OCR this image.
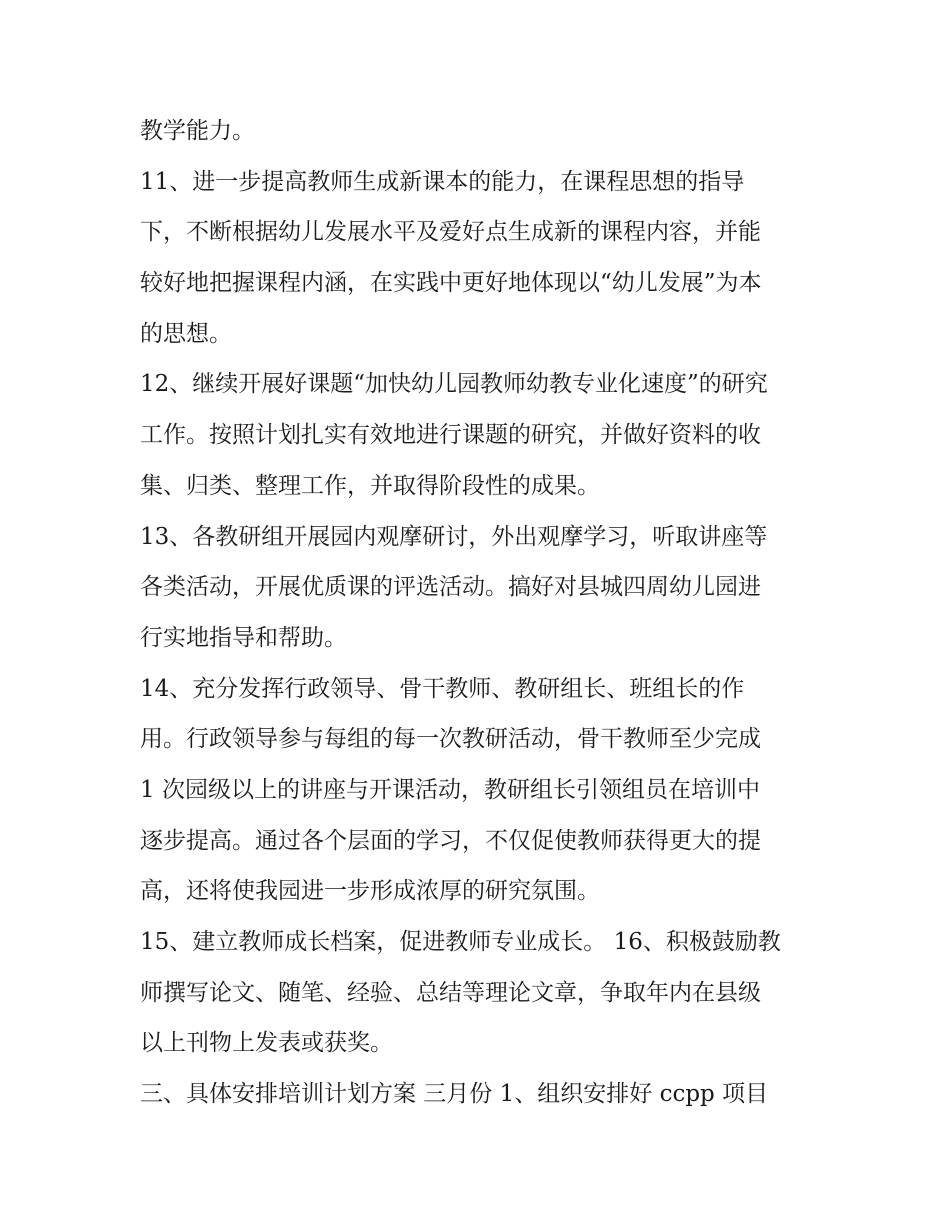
教学能力。
11、进一步提高教师生成新课本的能力，在课程思想的指导
下，不断根据幼儿发展水平及爱好点生成新的课程内容，并能
较好地把握课程内涵，在实践中更好地体现以“幼儿发展”为本
的思想。
12、继续开展好课题“加快幼儿园教师幼教专业化速度”的研究
工作。按照计划扎实有效地进行课题的研究，并做好资料的收
集、归类、整理工作，并取得阶段性的成果。
13、各教研组开展园内观摩研讨，外出观摩学习，听取讲座等
各类活动，开展优质课的评选活动。搞好对县城四周幼儿园进
行实地指导和帮助。
14、充分发挥行政领导、骨干教师、教研组长、班组长的作
用。行政领导参与每组的每一次教研活动，骨干教师至少完成
1 次园级以上的讲座与开课活动，教研组长引领组员在培训中
逐步提高。通过各个层面的学习，不仅促使教师获得更大的提
高，还将使我园进一步形成浓厚的研究氛围。
15、建立教师成长档案，促进教师专业成长。 16、积极鼓励教
师撰写论文、随笔、经验、总结等理论文章，争取年内在县级
以上刊物上发表或获奖。
三、具体安排培训计划方案 三月份 1、组织安排好 ccpp 项目
